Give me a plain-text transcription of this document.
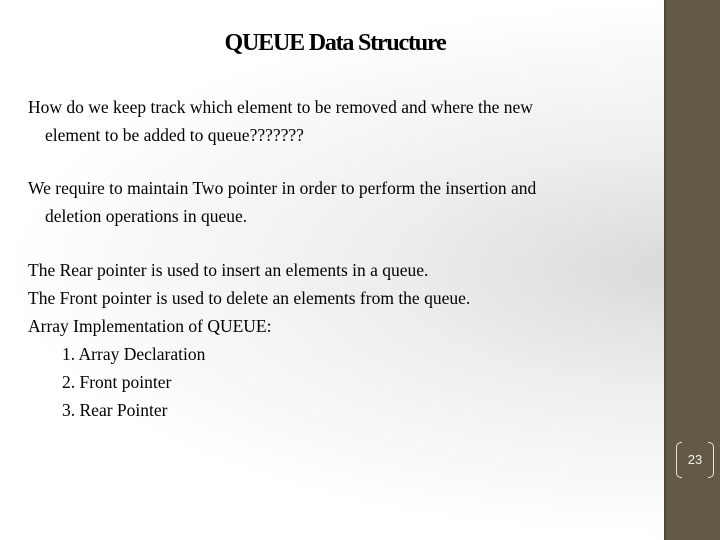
QUEUE Data Structure

How do we keep track which element to be removed and where the new
element to be added to queue???????

We require to maintain Two pointer in order to perform the insertion and
deletion operations in queue.

The Rear pointer is used to insert an elements in a queue.
The Front pointer is used to delete an elements from the queue.
Array Implementation of QUEUE:
1. Array Declaration
2. Front pointer
3. Rear Pointer
23
